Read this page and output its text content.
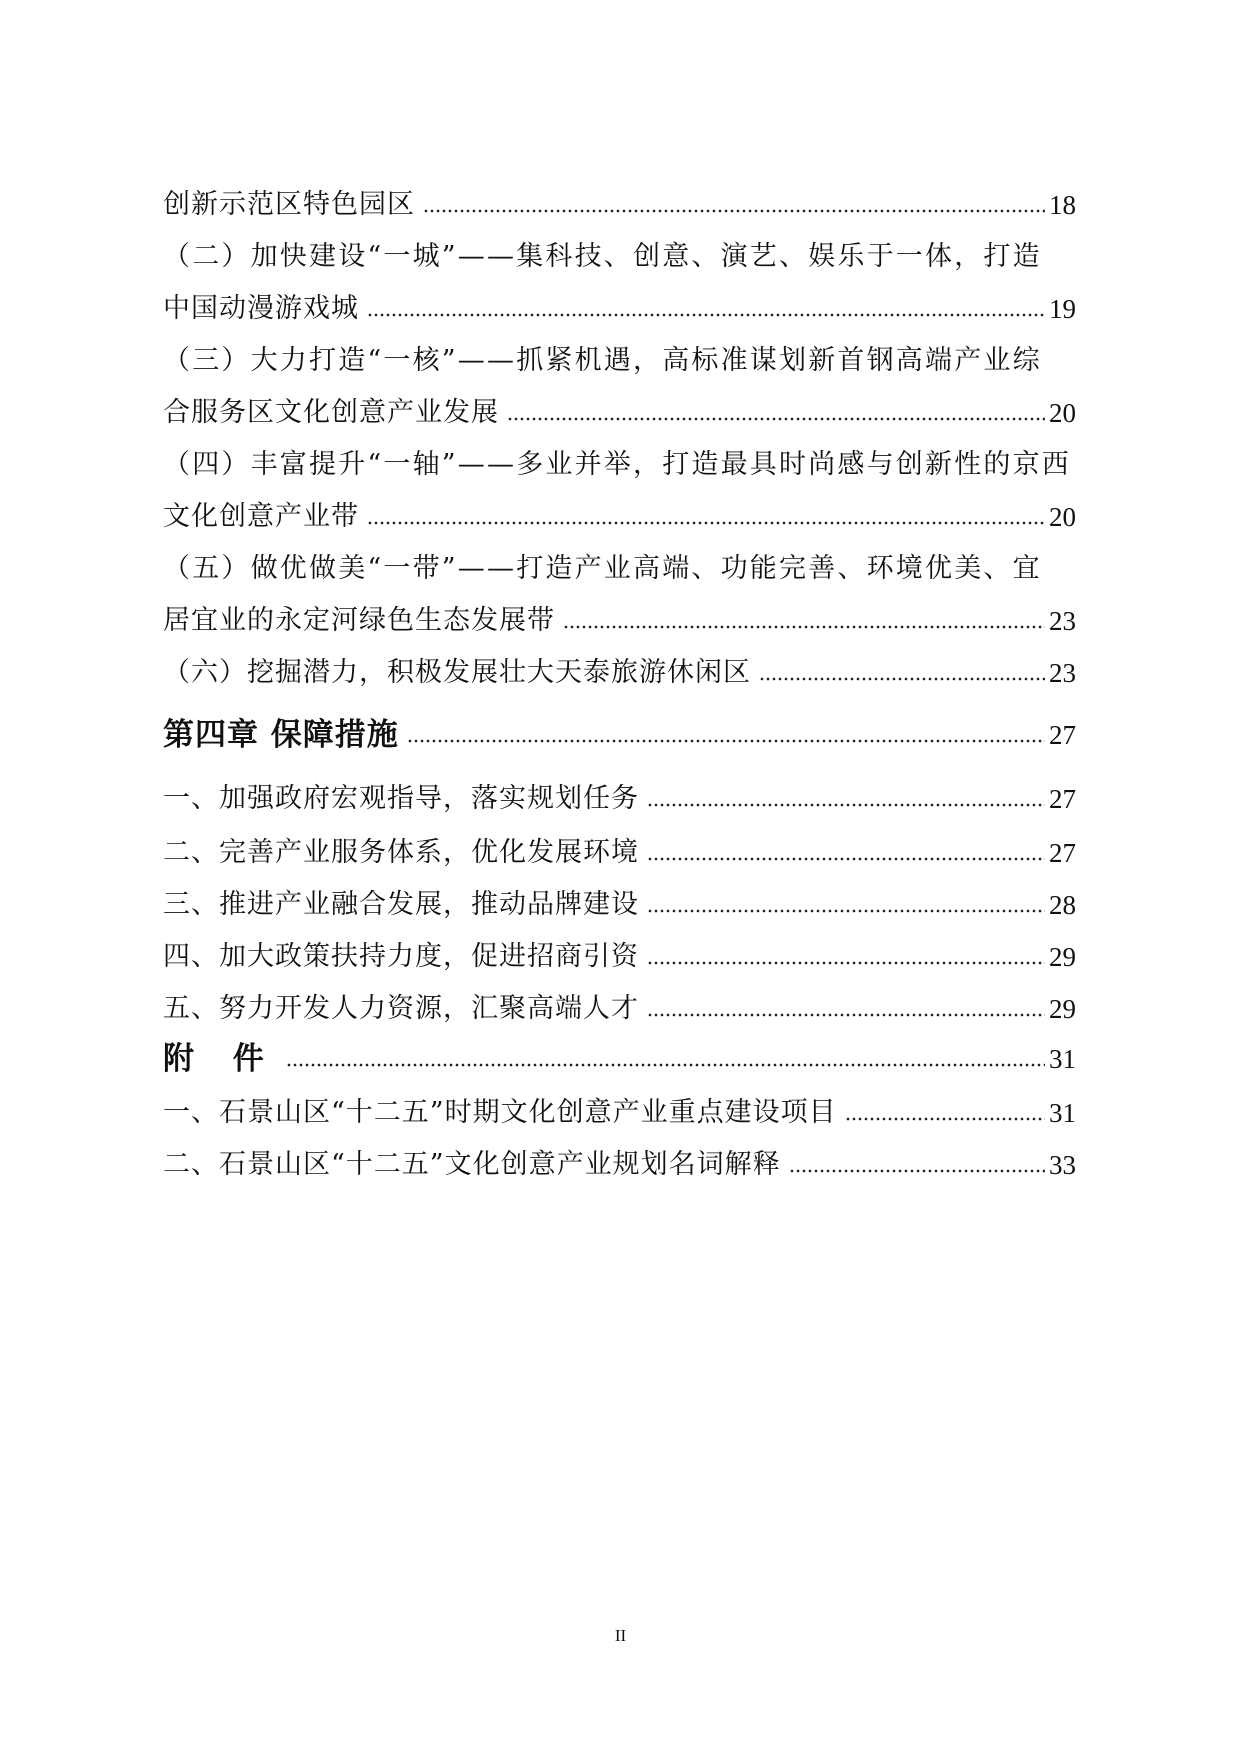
创新示范区特色园区	18
（二）加快建设“一城”——集科技、创意、演艺、娱乐于一体，打造
中国动漫游戏城	19
（三）大力打造“一核”——抓紧机遇，高标准谋划新首钢高端产业综
合服务区文化创意产业发展	20
（四）丰富提升“一轴”——多业并举，打造最具时尚感与创新性的京西
文化创意产业带	20
（五）做优做美“一带”——打造产业高端、功能完善、环境优美、宜
居宜业的永定河绿色生态发展带	23
（六）挖掘潜力，积极发展壮大天泰旅游休闲区	23
第四章 保障措施	27
一、加强政府宏观指导，落实规划任务	27
二、完善产业服务体系，优化发展环境	27
三、推进产业融合发展，推动品牌建设	28
四、加大政策扶持力度，促进招商引资	29
五、努力开发人力资源，汇聚高端人才	29
附 件	31
一、石景山区“十二五”时期文化创意产业重点建设项目	31
二、石景山区“十二五”文化创意产业规划名词解释	33
II
